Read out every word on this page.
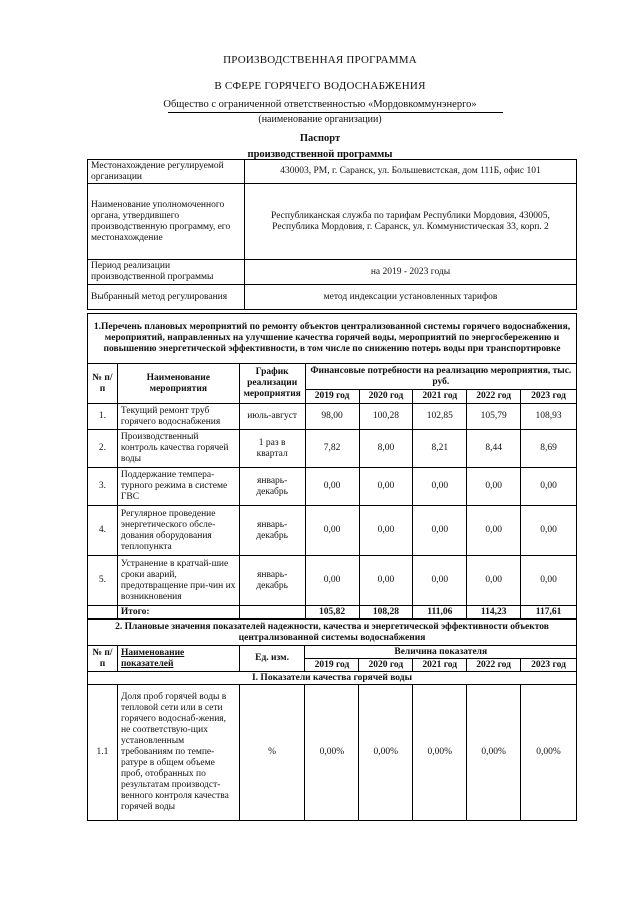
ПРОИЗВОДСТВЕННАЯ ПРОГРАММА
В СФЕРЕ ГОРЯЧЕГО ВОДОСНАБЖЕНИЯ
Общество с ограниченной ответственностью «Мордовкоммунэнерго»
(наименование организации)
Паспорт
производственной программы
Местонахождение регулируемой организации	430003, РМ, г. Саранск, ул. Большевистская, дом 111Б, офис 101
Наименование уполномоченного органа, утвердившего производственную программу, его местонахождение	Республиканская служба по тарифам Республики Мордовия, 430005, Республика Мордовия, г. Саранск, ул. Коммунистическая 33, корп. 2
Период реализации производственной программы	на 2019 - 2023 годы
Выбранный метод регулирования	метод индексации установленных тарифов
1.Перечень плановых мероприятий по ремонту объектов централизованной системы горячего водоснабжения, мероприятий, направленных на улучшение качества горячей воды, мероприятий по энергосбережению и повышению энергетической эффективности, в том числе по снижению потерь воды при транспортировке							
№ п/п	Наименование мероприятия	График реализации мероприятия	Финансовые потребности на реализацию мероприятия, тыс. руб.				
			2019 год	2020 год	2021 год	2022 год	2023 год
1.	Текущий ремонт труб горячего водоснабжения	июль-август	98,00	100,28	102,85	105,79	108,93
2.	Производственный контроль качества горячей воды	1 раз в квартал	7,82	8,00	8,21	8,44	8,69
3.	Поддержание темпера-турного режима в системе ГВС	январь-декабрь	0,00	0,00	0,00	0,00	0,00
4.	Регулярное проведение энергетического обсле-дования оборудования теплопункта	январь-декабрь	0,00	0,00	0,00	0,00	0,00
5.	Устранение в кратчай-шие сроки аварий, предотвращение при-чин их возникновения	январь-декабрь	0,00	0,00	0,00	0,00	0,00
	Итого:		105,82	108,28	111,06	114,23	117,61
2. Плановые значения показателей надежности, качества и энергетической эффективности объектов централизованной системы водоснабжения							
№ п/п	Наименование показателей	Ед. изм.	Величина показателя				
			2019 год	2020 год	2021 год	2022 год	2023 год
I. Показатели качества горячей воды							
1.1	Доля проб горячей воды в тепловой сети или в сети горячего водоснаб-жения, не соответствую-щих установленным требованиям по темпе-ратуре в общем объеме проб, отобранных по результатам производст-венного контроля качества горячей воды	%	0,00%	0,00%	0,00%	0,00%	0,00%
